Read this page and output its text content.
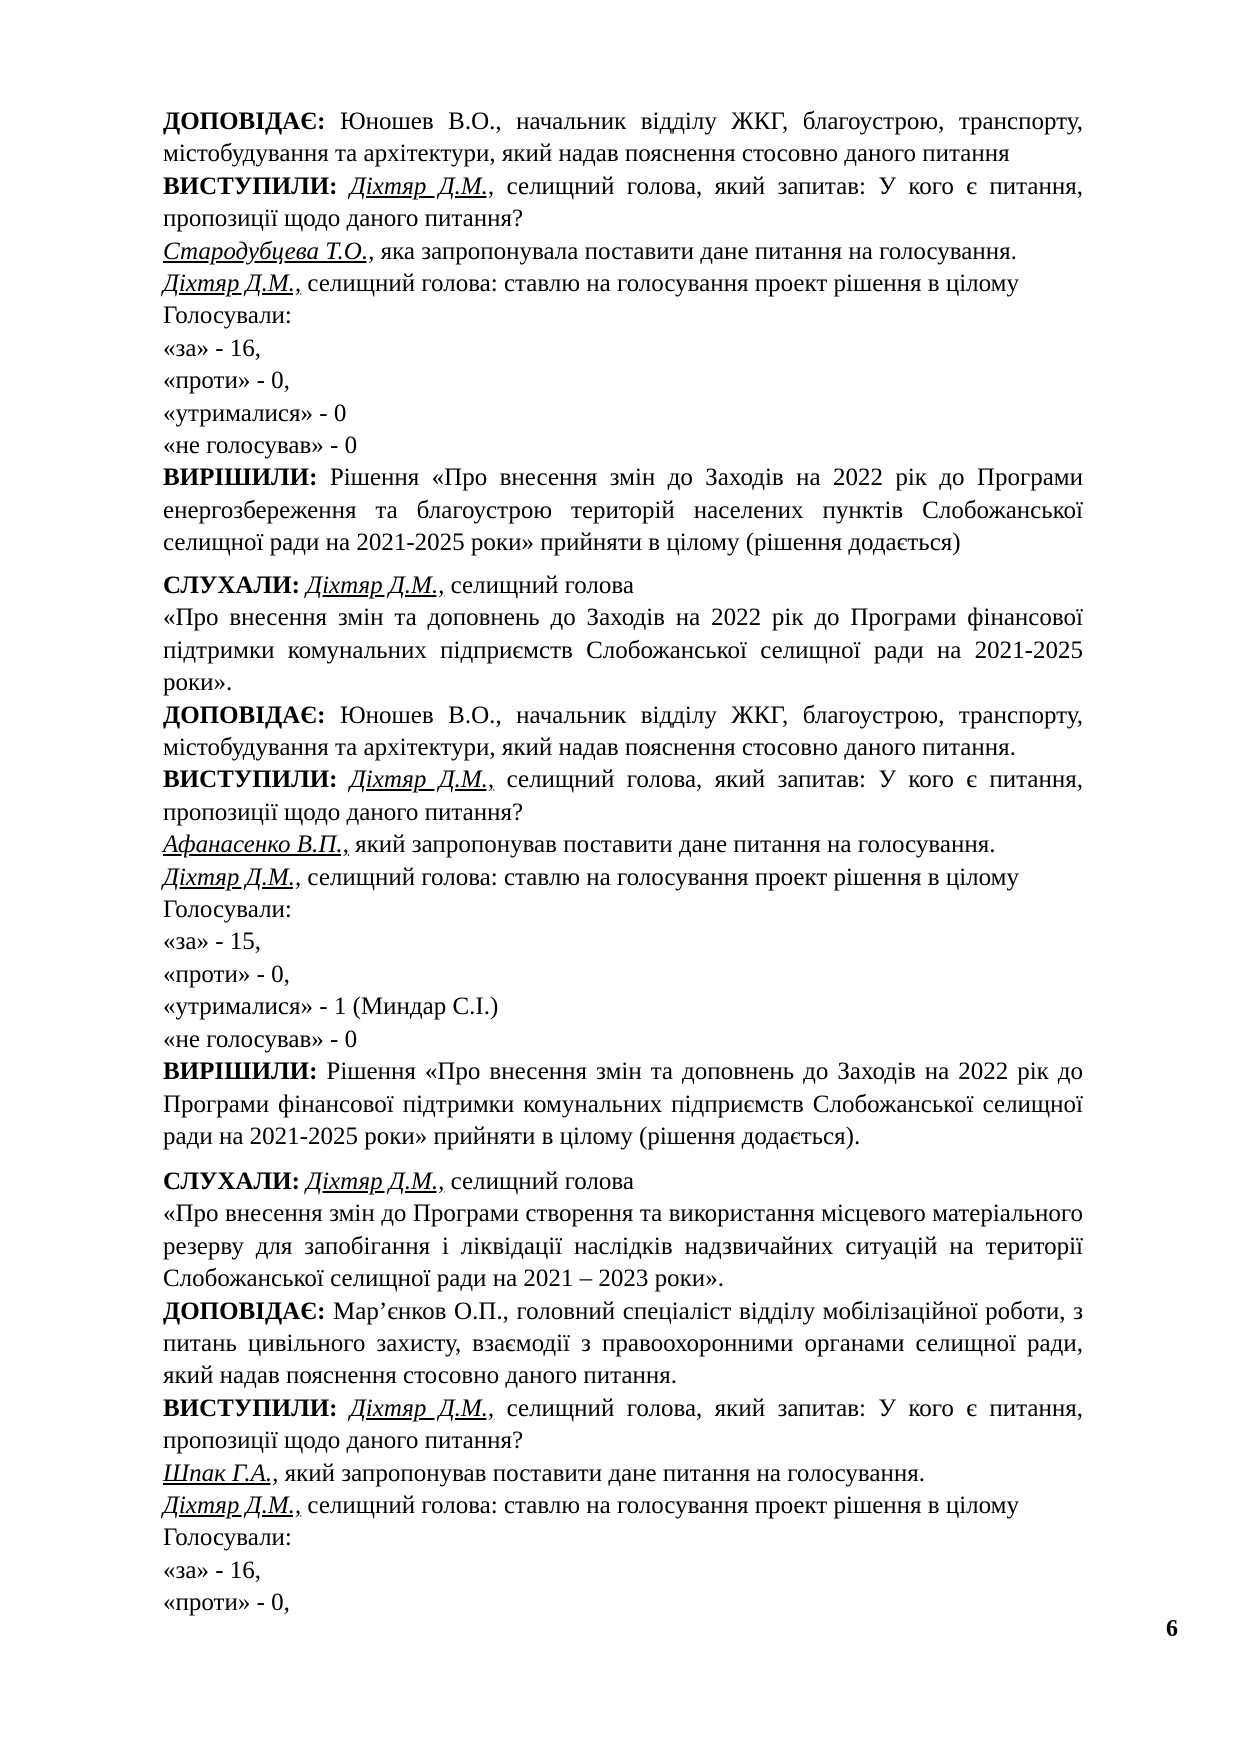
ДОПОВІДАЄ: Юношев В.О., начальник відділу ЖКГ, благоустрою, транспорту, містобудування та архітектури, який надав пояснення стосовно даного питання

ВИСТУПИЛИ: Діхтяр Д.М., селищний голова, який запитав: У кого є питання, пропозиції щодо даного питання?

Стародубцева Т.О., яка запропонувала поставити дане питання на голосування.

Діхтяр Д.М., селищний голова: ставлю на голосування проект рішення в цілому

Голосували:

«за» - 16,

«проти» - 0,

«утрималися» - 0

«не голосував» - 0

ВИРІШИЛИ: Рішення «Про внесення змін до Заходів на 2022 рік до Програми енергозбереження та благоустрою територій населених пунктів Слобожанської селищної ради на 2021-2025 роки» прийняти в цілому (рішення додається)

СЛУХАЛИ: Діхтяр Д.М., селищний голова

«Про внесення змін та доповнень до Заходів на 2022 рік до Програми фінансової підтримки комунальних підприємств Слобожанської селищної ради на 2021-2025 роки».

ДОПОВІДАЄ: Юношев В.О., начальник відділу ЖКГ, благоустрою, транспорту, містобудування та архітектури, який надав пояснення стосовно даного питання.

ВИСТУПИЛИ: Діхтяр Д.М., селищний голова, який запитав: У кого є питання, пропозиції щодо даного питання?

Афанасенко В.П., який запропонував поставити дане питання на голосування.

Діхтяр Д.М., селищний голова: ставлю на голосування проект рішення в цілому

Голосували:

«за» - 15,

«проти» - 0,

«утрималися» - 1 (Миндар С.І.)

«не голосував» - 0

ВИРІШИЛИ: Рішення «Про внесення змін та доповнень до Заходів на 2022 рік до Програми фінансової підтримки комунальних підприємств Слобожанської селищної ради на 2021-2025 роки» прийняти в цілому (рішення додається).

СЛУХАЛИ: Діхтяр Д.М., селищний голова

«Про внесення змін до Програми створення та використання місцевого матеріального резерву для запобігання і ліквідації наслідків надзвичайних ситуацій на території Слобожанської селищної ради на 2021 – 2023 роки».

ДОПОВІДАЄ: Мар’єнков О.П., головний спеціаліст відділу мобілізаційної роботи, з питань цивільного захисту, взаємодії з правоохоронними органами селищної ради, який надав пояснення стосовно даного питання.

ВИСТУПИЛИ: Діхтяр Д.М., селищний голова, який запитав: У кого є питання, пропозиції щодо даного питання?

Шпак Г.А., який запропонував поставити дане питання на голосування.

Діхтяр Д.М., селищний голова: ставлю на голосування проект рішення в цілому

Голосували:

«за» - 16,

«проти» - 0,

6
